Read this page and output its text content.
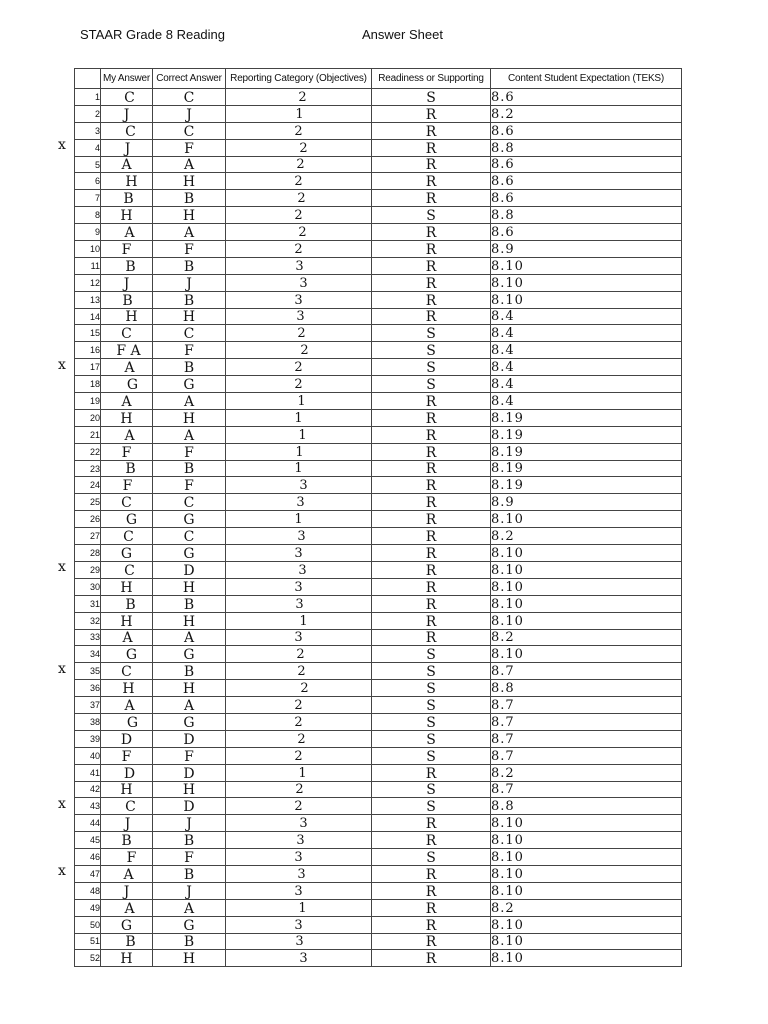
STAAR Grade 8 Reading	Answer Sheet
x
x
x
x
x
x
	My Answer	Correct Answer	Reporting Category (Objectives)	Readiness or Supporting	Content Student Expectation (TEKS)
1	C	C	2	S	8.6
2	J	J	1	R	8.2
3	C	C	2	R	8.6
4	J	F	2	R	8.8
5	A	A	2	R	8.6
6	H	H	2	R	8.6
7	B	B	2	R	8.6
8	H	H	2	S	8.8
9	A	A	2	R	8.6
10	F	F	2	R	8.9
11	B	B	3	R	8.10
12	J	J	3	R	8.10
13	B	B	3	R	8.10
14	H	H	3	R	8.4
15	C	C	2	S	8.4
16	F A	F	2	S	8.4
17	A	B	2	S	8.4
18	G	G	2	S	8.4
19	A	A	1	R	8.4
20	H	H	1	R	8.19
21	A	A	1	R	8.19
22	F	F	1	R	8.19
23	B	B	1	R	8.19
24	F	F	3	R	8.19
25	C	C	3	R	8.9
26	G	G	1	R	8.10
27	C	C	3	R	8.2
28	G	G	3	R	8.10
29	C	D	3	R	8.10
30	H	H	3	R	8.10
31	B	B	3	R	8.10
32	H	H	1	R	8.10
33	A	A	3	R	8.2
34	G	G	2	S	8.10
35	C	B	2	S	8.7
36	H	H	2	S	8.8
37	A	A	2	S	8.7
38	G	G	2	S	8.7
39	D	D	2	S	8.7
40	F	F	2	S	8.7
41	D	D	1	R	8.2
42	H	H	2	S	8.7
43	C	D	2	S	8.8
44	J	J	3	R	8.10
45	B	B	3	R	8.10
46	F	F	3	S	8.10
47	A	B	3	R	8.10
48	J	J	3	R	8.10
49	A	A	1	R	8.2
50	G	G	3	R	8.10
51	B	B	3	R	8.10
52	H	H	3	R	8.10
